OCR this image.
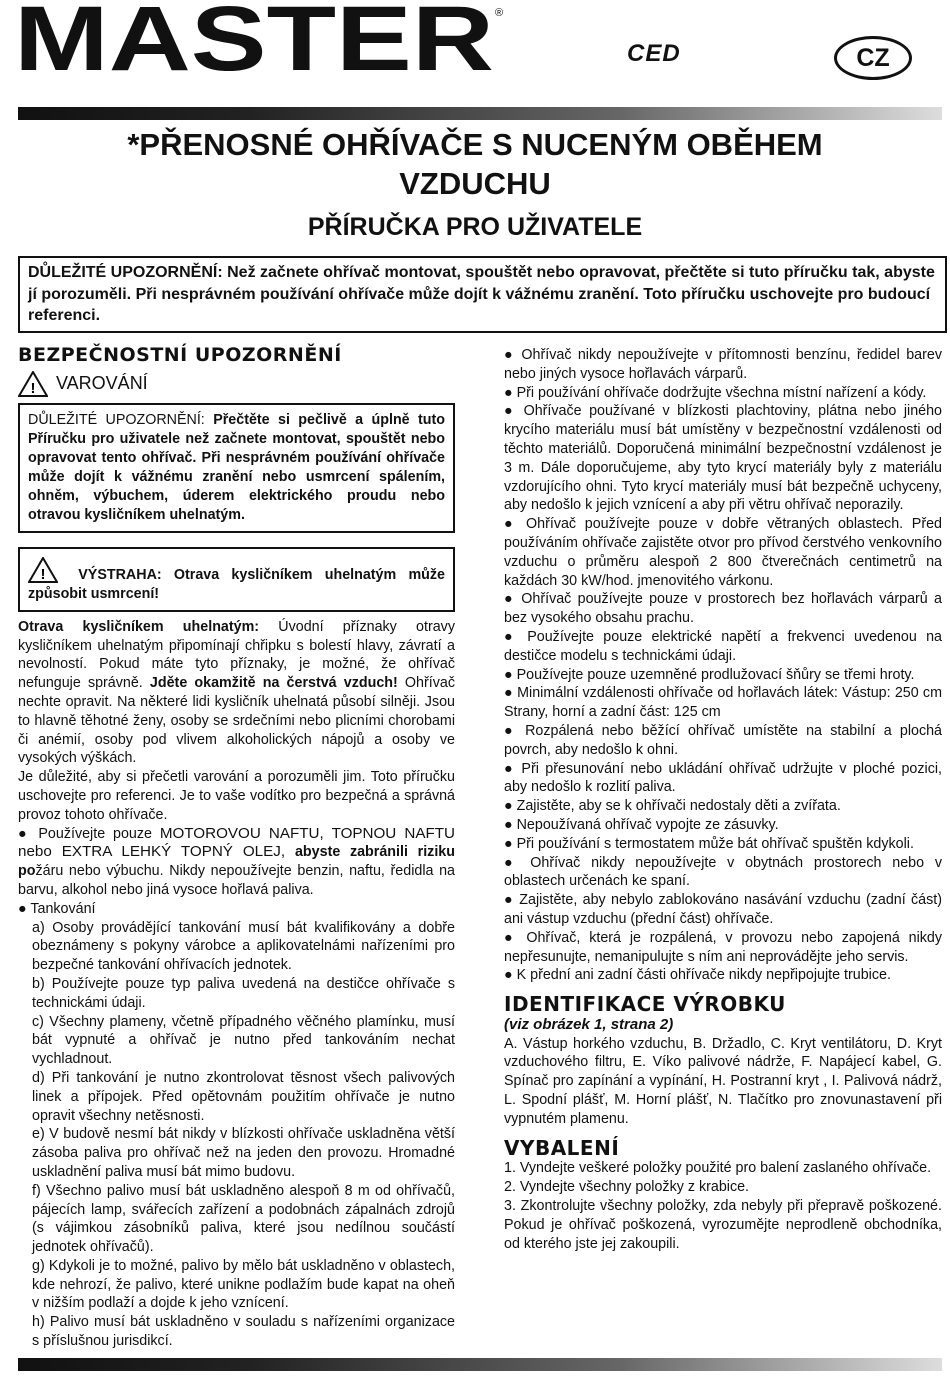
MASTER ®
CED	CZ
*PŘENOSNÉ OHŘÍVAČE S NUCENÝM OBĚHEM
VZDUCHU
PŘÍRUČKA PRO UŽIVATELE
DŮLEŽITÉ UPOZORNĚNÍ: Než začnete ohřívač montovat, spouštět nebo opravovat, přečtěte si tuto příručku tak, abyste jí porozuměli. Při nesprávném používání ohřívače může dojít k vážnému zranění. Toto příručku uschovejte pro budoucí referenci.
BEZPEČNOSTNÍ UPOZORNĚNÍ
! VAROVÁNÍ
DŮLEŽITÉ UPOZORNĚNÍ: Přečtěte si pečlivě a úplně tuto Příručku pro uživatele než začnete montovat, spouštět nebo opravovat tento ohřívač. Při nesprávném používání ohřívače může dojít k vážnému zranění nebo usmrcení spálením, ohněm, výbuchem, úderem elektrického proudu nebo otravou kysličníkem uhelnatým.
! VÝSTRAHA: Otrava kysličníkem uhelnatým může způsobit usmrcení!

Otrava kysličníkem uhelnatým: Úvodní příznaky otravy kysličníkem uhelnatým připomínají chřipku s bolestí hlavy, závratí a nevolností. Pokud máte tyto příznaky, je možné, že ohřívač nefunguje správně. Jděte okamžitě na čerstvá vzduch! Ohřívač nechte opravit. Na některé lidi kysličník uhelnatá působí silněji. Jsou to hlavně těhotné ženy, osoby se srdečními nebo plicními chorobami či anémií, osoby pod vlivem alkoholických nápojů a osoby ve vysokých výškách.

Je důležité, aby si přečetli varování a porozuměli jim. Toto příručku uschovejte pro referenci. Je to vaše vodítko pro bezpečná a správná provoz tohoto ohřívače.

● Používejte pouze MOTOROVOU NAFTU, TOPNOU NAFTU nebo EXTRA LEHKÝ TOPNÝ OLEJ, abyste zabránili riziku požáru nebo výbuchu. Nikdy nepoužívejte benzin, naftu, ředidla na barvu, alkohol nebo jiná vysoce hořlavá paliva.

● Tankování

a) Osoby provádějící tankování musí bát kvalifikovány a dobře obeznámeny s pokyny várobce a aplikovatelnámi nařízeními pro bezpečné tankování ohřívacích jednotek.

b) Používejte pouze typ paliva uvedená na destičce ohřívače s technickámi údaji.

c) Všechny plameny, včetně případného věčného plamínku, musí bát vypnuté a ohřívač je nutno před tankováním nechat vychladnout.

d) Při tankování je nutno zkontrolovat těsnost všech palivových linek a přípojek. Před opětovnám použitím ohřívače je nutno opravit všechny netěsnosti.

e) V budově nesmí bát nikdy v blízkosti ohřívače uskladněna větší zásoba paliva pro ohřívač než na jeden den provozu. Hromadné uskladnění paliva musí bát mimo budovu.

f) Všechno palivo musí bát uskladněno alespoň 8 m od ohřívačů, pájecích lamp, svářecích zařízení a podobnách zápalnách zdrojů (s vájimkou zásobníků paliva, které jsou nedílnou součástí jednotek ohřívačů).

g) Kdykoli je to možné, palivo by mělo bát uskladněno v oblastech, kde nehrozí, že palivo, které unikne podlažím bude kapat na oheň v nižším podlaží a dojde k jeho vznícení.

h) Palivo musí bát uskladněno v souladu s nařízeními organizace s příslušnou jurisdikcí.

● Ohřívač nikdy nepoužívejte v přítomnosti benzínu, ředidel barev nebo jiných vysoce hořlavách várparů.

● Při používání ohřívače dodržujte všechna místní nařízení a kódy.

● Ohřívače používané v blízkosti plachtoviny, plátna nebo jiného krycího materiálu musí bát umístěny v bezpečnostní vzdálenosti od těchto materiálů. Doporučená minimální bezpečnostní vzdálenost je 3 m. Dále doporučujeme, aby tyto krycí materiály byly z materiálu vzdorujícího ohni. Tyto krycí materiály musí bát bezpečně uchyceny, aby nedošlo k jejich vznícení a aby při větru ohřívač neporazily.

● Ohřívač používejte pouze v dobře větraných oblastech. Před používáním ohřívače zajistěte otvor pro přívod čerstvého venkovního vzduchu o průměru alespoň 2 800 čtverečnách centimetrů na každách 30 kW/hod. jmenovitého várkonu.

● Ohřívač používejte pouze v prostorech bez hořlavách várparů a bez vysokého obsahu prachu.

● Používejte pouze elektrické napětí a frekvenci uvedenou na destičce modelu s technickámi údaji.

● Používejte pouze uzemněné prodlužovací šňůry se třemi hroty.

● Minimální vzdálenosti ohřívače od hořlavách látek: Vástup: 250 cm Strany, horní a zadní část: 125 cm

● Rozpálená nebo běžící ohřívač umístěte na stabilní a plochá povrch, aby nedošlo k ohni.

● Při přesunování nebo ukládání ohřívač udržujte v ploché pozici, aby nedošlo k rozlití paliva.

● Zajistěte, aby se k ohřívači nedostaly děti a zvířata.

● Nepoužívaná ohřívač vypojte ze zásuvky.

● Při používání s termostatem může bát ohřívač spuštěn kdykoli.

● Ohřívač nikdy nepoužívejte v obytnách prostorech nebo v oblastech určenách ke spaní.

● Zajistěte, aby nebylo zablokováno nasávání vzduchu (zadní část) ani vástup vzduchu (přední část) ohřívače.

● Ohřívač, která je rozpálená, v provozu nebo zapojená nikdy nepřesunujte, nemanipulujte s ním ani neprovádějte jeho servis.

● K přední ani zadní části ohřívače nikdy nepřipojujte trubice.

IDENTIFIKACE VÝROBKU

(viz obrázek 1, strana 2)

A. Vástup horkého vzduchu, B. Držadlo, C. Kryt ventilátoru, D. Kryt vzduchového filtru, E. Víko palivové nádrže, F. Napájecí kabel, G. Spínač pro zapínání a vypínání, H. Postranní kryt , I. Palivová nádrž, L. Spodní plášť, M. Horní plášť, N. Tlačítko pro znovunastavení při vypnutém plamenu.

VYBALENÍ
1. Vyndejte veškeré položky použité pro balení zaslaného ohřívače.
2. Vyndejte všechny položky z krabice.
3. Zkontrolujte všechny položky, zda nebyly při přepravě poškozené. Pokud je ohřívač poškozená, vyrozumějte neprodleně obchodníka, od kterého jste jej zakoupili.
